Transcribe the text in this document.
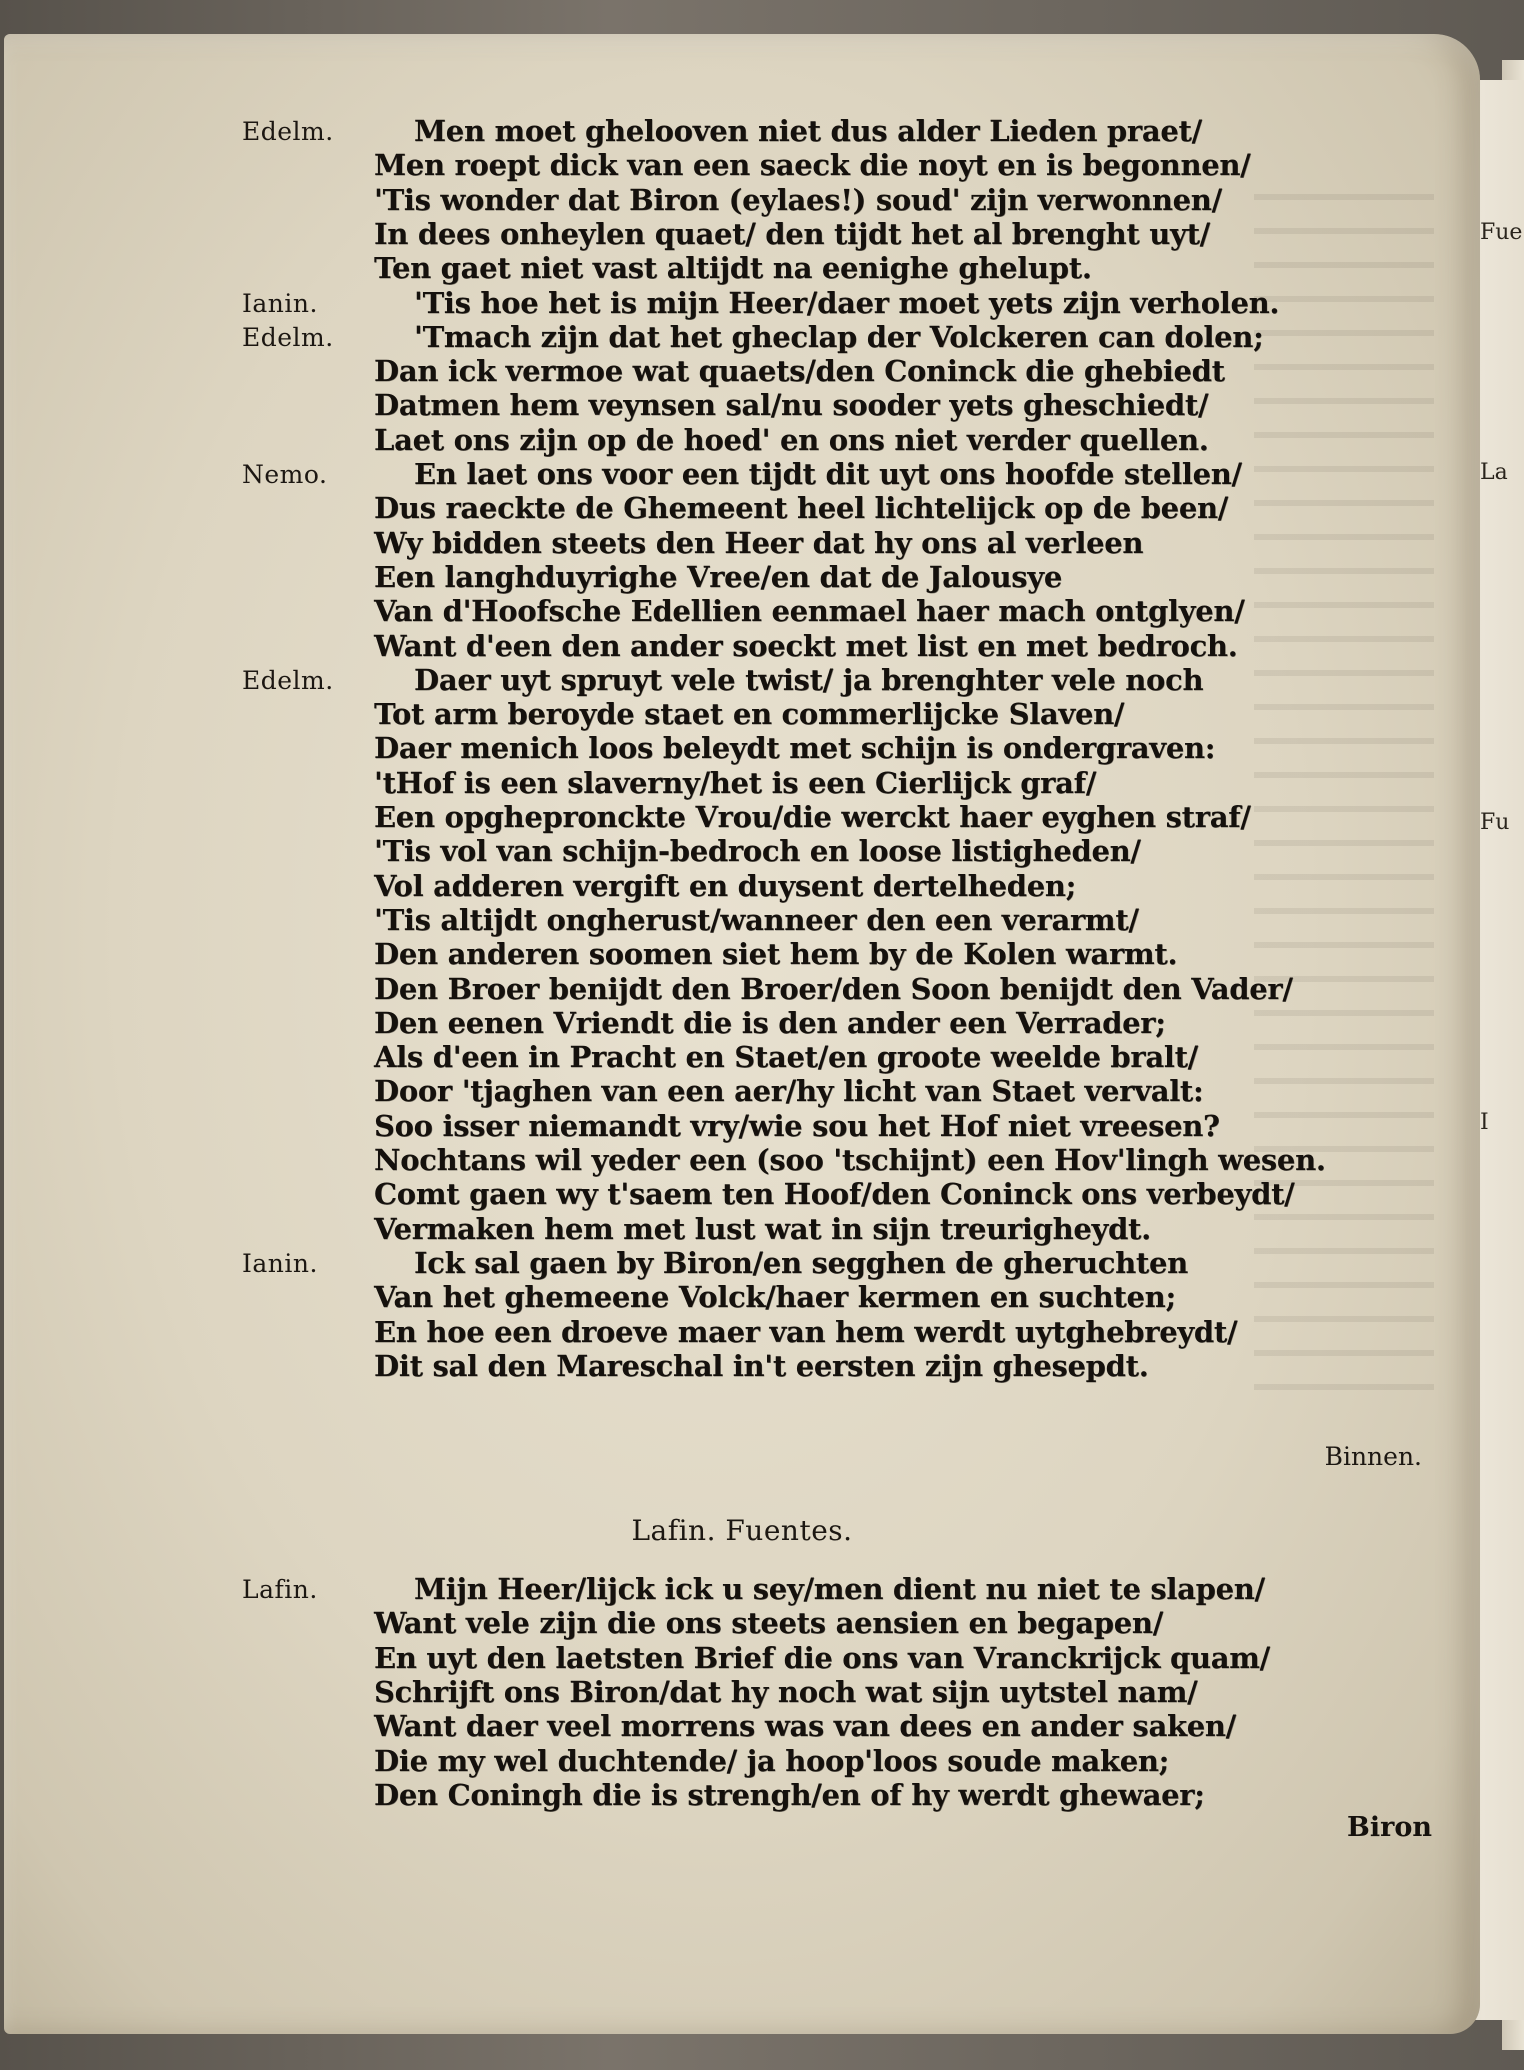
Fue
La
Fu
I
Edelm.	Men moet ghelooven niet dus alder Lieden praet/
Men roept dick van een saeck die noyt en is begonnen/
'Tis wonder dat Biron (eylaes!) soud' zijn verwonnen/
In dees onheylen quaet/ den tijdt het al brenght uyt/
Ten gaet niet vast altijdt na eenighe ghelupt.
Ianin.	'Tis hoe het is mijn Heer/daer moet yets zijn verholen.
Edelm.	'Tmach zijn dat het gheclap der Volckeren can dolen;
Dan ick vermoe wat quaets/den Coninck die ghebiedt
Datmen hem veynsen sal/nu sooder yets gheschiedt/
Laet ons zijn op de hoed' en ons niet verder quellen.
Nemo.	En laet ons voor een tijdt dit uyt ons hoofde stellen/
Dus raeckte de Ghemeent heel lichtelijck op de been/
Wy bidden steets den Heer dat hy ons al verleen
Een langhduyrighe Vree/en dat de Jalousye
Van d'Hoofsche Edellien eenmael haer mach ontglyen/
Want d'een den ander soeckt met list en met bedroch.
Edelm.	Daer uyt spruyt vele twist/ ja brenghter vele noch
Tot arm beroyde staet en commerlijcke Slaven/
Daer menich loos beleydt met schijn is ondergraven:
'tHof is een slaverny/het is een Cierlijck graf/
Een opghepronckte Vrou/die werckt haer eyghen straf/
'Tis vol van schijn-bedroch en loose listigheden/
Vol adderen vergift en duysent dertelheden;
'Tis altijdt ongherust/wanneer den een verarmt/
Den anderen soomen siet hem by de Kolen warmt.
Den Broer benijdt den Broer/den Soon benijdt den Vader/
Den eenen Vriendt die is den ander een Verrader;
Als d'een in Pracht en Staet/en groote weelde bralt/
Door 'tjaghen van een aer/hy licht van Staet vervalt:
Soo isser niemandt vry/wie sou het Hof niet vreesen?
Nochtans wil yeder een (soo 'tschijnt) een Hov'lingh wesen.
Comt gaen wy t'saem ten Hoof/den Coninck ons verbeydt/
Vermaken hem met lust wat in sijn treurigheydt.
Ianin.	Ick sal gaen by Biron/en segghen de gheruchten
Van het ghemeene Volck/haer kermen en suchten;
En hoe een droeve maer van hem werdt uytghebreydt/
Dit sal den Mareschal in't eersten zijn ghesepdt.
Binnen.
Lafin. Fuentes.
Lafin.	Mijn Heer/lijck ick u sey/men dient nu niet te slapen/
Want vele zijn die ons steets aensien en begapen/
En uyt den laetsten Brief die ons van Vranckrijck quam/
Schrijft ons Biron/dat hy noch wat sijn uytstel nam/
Want daer veel morrens was van dees en ander saken/
Die my wel duchtende/ ja hoop'loos soude maken;
Den Coningh die is strengh/en of hy werdt ghewaer;
Biron
